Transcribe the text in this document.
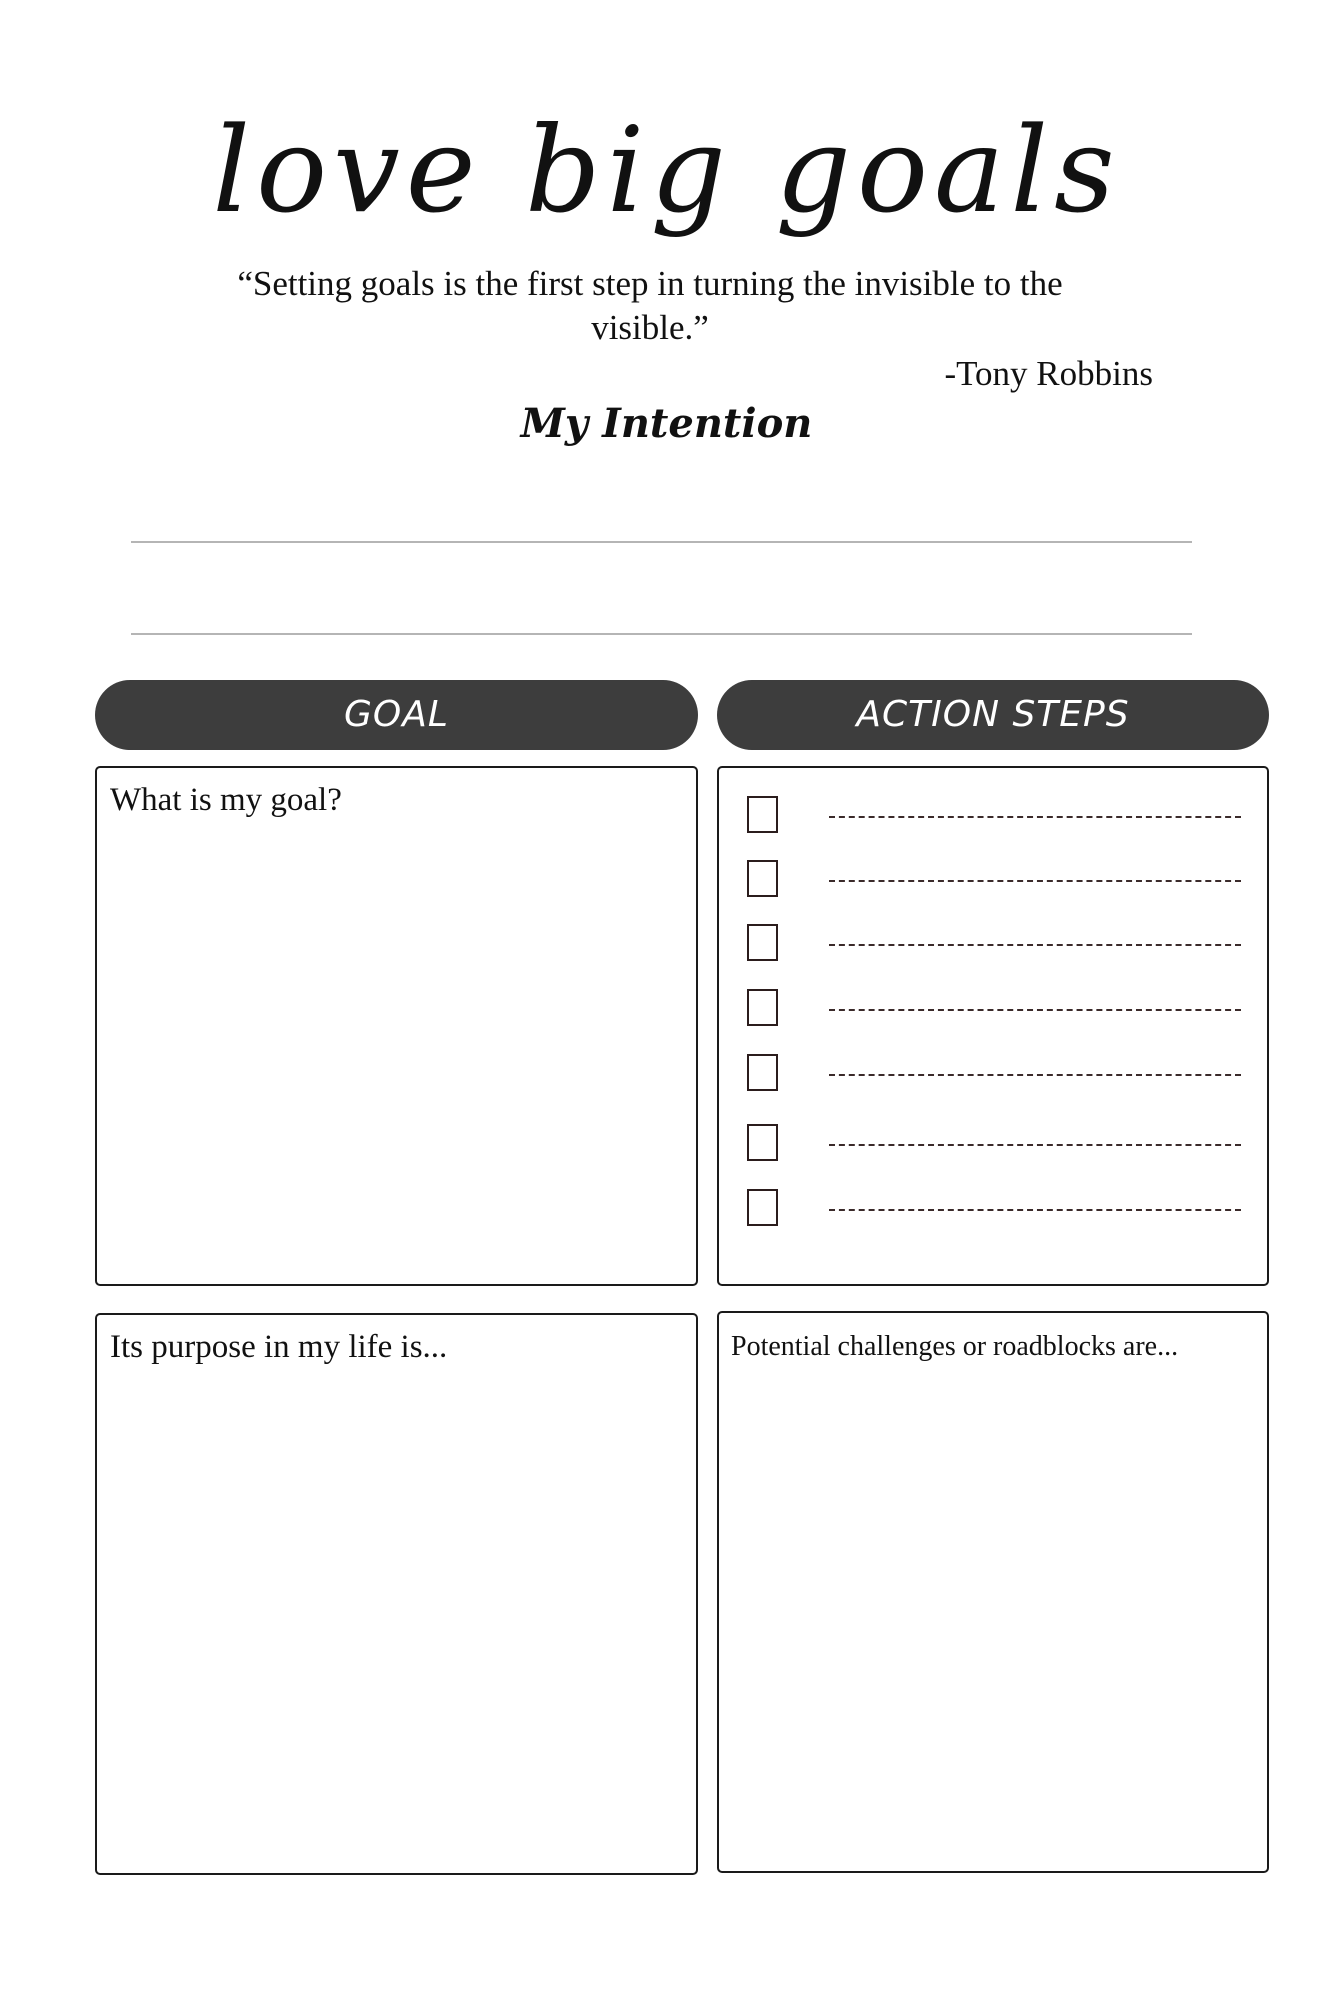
love big goals

“Setting goals is the first step in turning the invisible to the visible.”

-Tony Robbins
My Intention
GOAL	ACTION STEPS
What is my goal?
Its purpose in my life is...	Potential challenges or roadblocks are...
